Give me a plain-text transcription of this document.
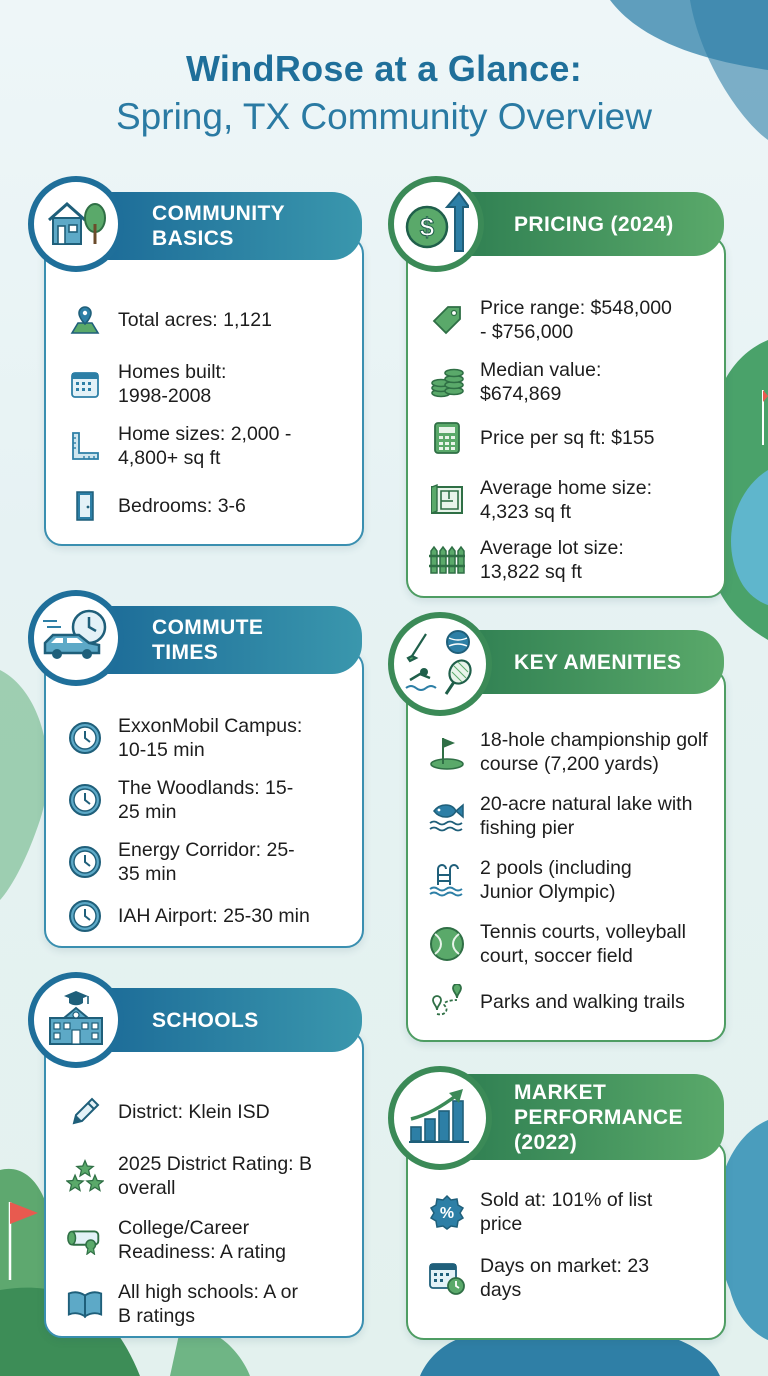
WindRose at a Glance:
Spring, TX Community Overview
Total acres: 1,121
Homes built: 1998-2008
Home sizes: 2,000 - 4,800+ sq ft
Bedrooms: 3-6
COMMUNITY BASICS
Price range: $548,000 - $756,000
Median value: $674,869
Price per sq ft: $155
Average home size: 4,323 sq ft
Average lot size: 13,822 sq ft
PRICING (2024)
$
ExxonMobil Campus: 10-15 min
The Woodlands: 15-25 min
Energy Corridor: 25-35 min
IAH Airport: 25-30 min
COMMUTE TIMES
18-hole championship golf course (7,200 yards)
20-acre natural lake with fishing pier
2 pools (including Junior Olympic)
Tennis courts, volleyball court, soccer field
Parks and walking trails
KEY AMENITIES
District: Klein ISD
2025 District Rating: B overall
College/Career Readiness: A rating
All high schools: A or B ratings
SCHOOLS
%
Sold at: 101% of list price
Days on market: 23 days
MARKET PERFORMANCE (2022)
